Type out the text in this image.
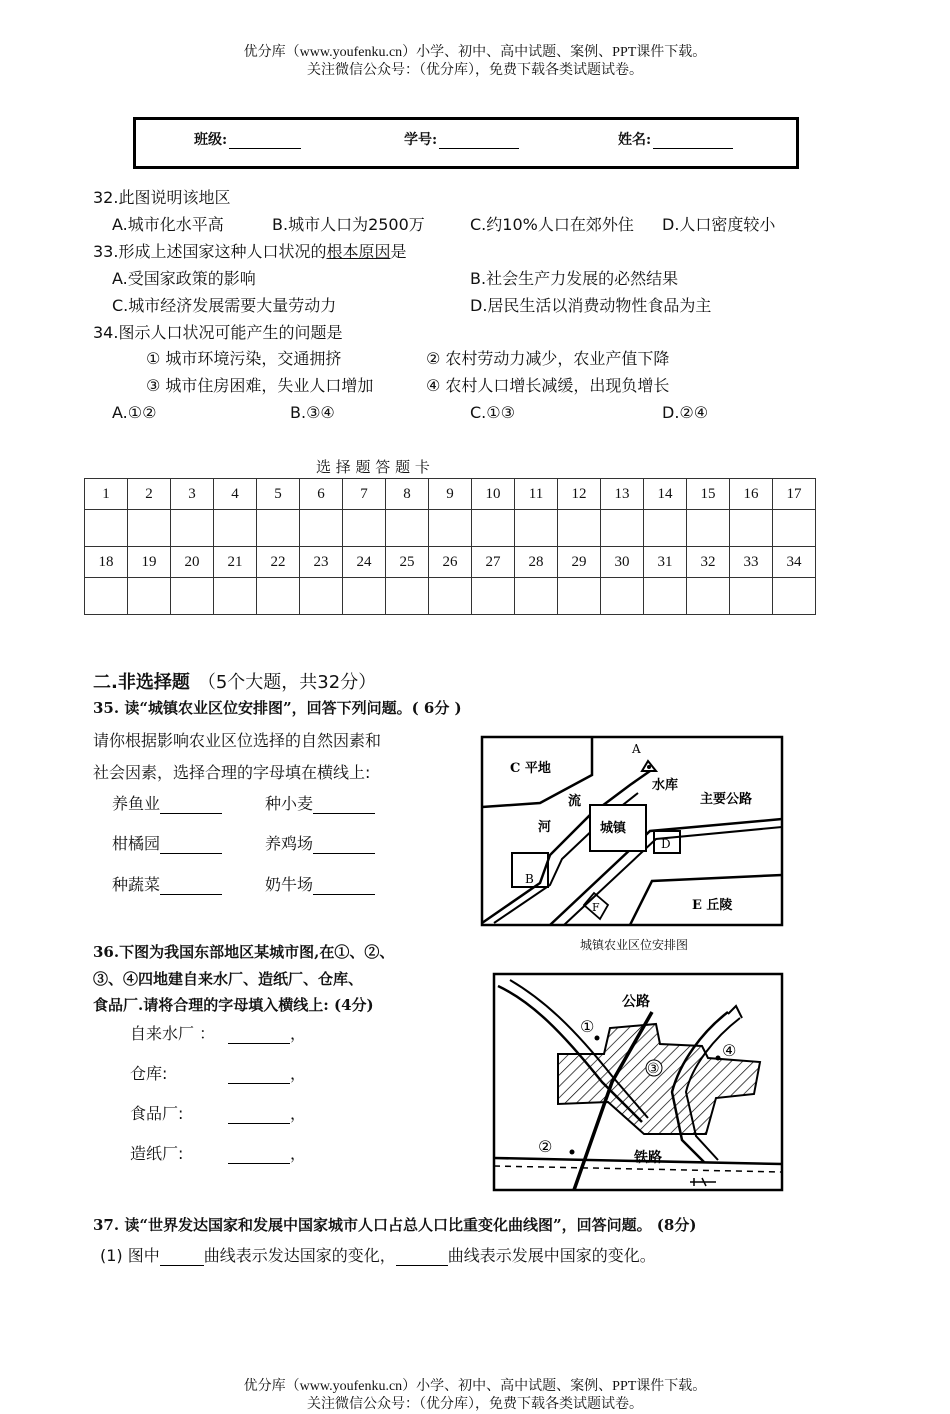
优分库（www.youfenku.cn）小学、初中、高中试题、案例、PPT课件下载。
关注微信公众号：（优分库），免费下载各类试题试卷。
班级:	学号:	姓名:
32.此图说明该地区
A.城市化水平高	B.城市人口为2500万	C.约10%人口在郊外住 D.人口密度较小
33.形成上述国家这种人口状况的根本原因是
A.受国家政策的影响	B.社会生产力发展的必然结果
C.城市经济发展需要大量劳动力	D.居民生活以消费动物性食品为主
34.图示人口状况可能产生的问题是
① 城市环境污染，交通拥挤	② 农村劳动力减少，农业产值下降
③ 城市住房困难，失业人口增加	④ 农村人口增长减缓，出现负增长
A.①②	B.③④	C.①③	D.②④
选 择 题 答 题 卡
1	2	3	4	5	6	7	8	9	10	11	12	13	14	15	16	17

18	19	20	21	22	23	24	25	26	27	28	29	30	31	32	33	34

二.非选择题 （5个大题，共32分）
35. 读“城镇农业区位安排图”，回答下列问题。( 6分 )
请你根据影响农业区位选择的自然因素和
社会因素，选择合理的字母填在横线上:
养鱼业	种小麦
柑橘园	养鸡场
种蔬菜	奶牛场
C 平地
A
水库
主要公路
流
河	城镇
B
D
F	E 丘陵
城镇农业区位安排图
36.下图为我国东部地区某城市图,在①、②、
③、④四地建自来水厂、造纸厂、仓库、
食品厂.请将合理的字母填入横线上: (4分)
自来水厂 ：	，
仓库:	，
食品厂:	，
造纸厂:	，
公路
铁路
①
②
③
④
37. 读“世界发达国家和发展中国家城市人口占总人口比重变化曲线图”，回答问题。 (8分)
(1) 图中	曲线表示发达国家的变化，	曲线表示发展中国家的变化。
优分库（www.youfenku.cn）小学、初中、高中试题、案例、PPT课件下载。
关注微信公众号：（优分库），免费下载各类试题试卷。
